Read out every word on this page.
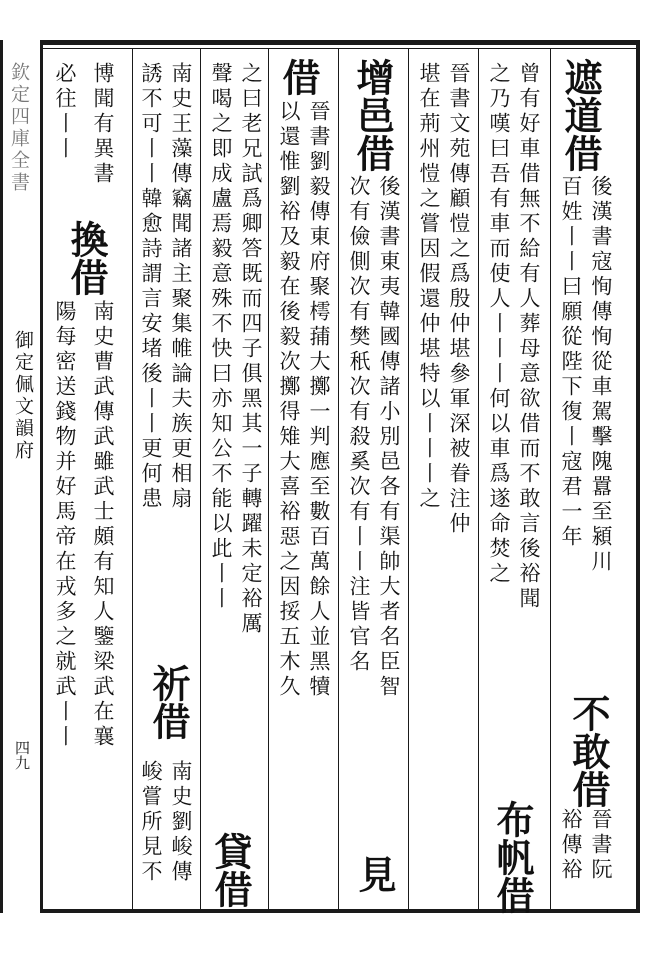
欽定四庫全書
御定佩文韻府
四九
必往丨丨 博聞有異書
換借
陽每密送錢物并好馬帝在戎多之就武丨丨 南史曹武傳武雖武士頗有知人鑒梁武在襄
誘不可丨丨韓愈詩謂言安堵後丨丨更何患 南史王藻傳竊聞諸主聚集帷論夫族更相扇
祈借
峻嘗所見不 南史劉峻傳
借
聲喝之即成盧焉毅意殊不快曰亦知公不能以此丨丨 之曰老兄試爲卿答既而四子俱黑其一子轉躍未定裕厲 以還惟劉裕及毅在後毅次擲得雉大喜裕惡之因挼五木久 晉書劉毅傳東府聚樗蒱大擲一判應至數百萬餘人並黑犢
貸借
增邑借
次有儉側次有樊秖次有殺奚次有丨丨注皆官名 後漢書東夷韓國傳諸小別邑各有渠帥大者名臣智
見
堪在荊州愷之嘗因假還仲堪特以丨丨丨之 晉書文苑傳顧愷之爲殷仲堪參軍深被眷注仲
布帆借
之乃嘆曰吾有車而使人丨丨丨何以車爲遂命焚之 曾有好車借無不給有人葬母意欲借而不敢言後裕聞 遮道借
百姓丨丨曰願從陛下復丨寇君一年 後漢書寇恂傳恂從車駕擊隗囂至潁川
不敢借
裕傳裕 晉書阮
